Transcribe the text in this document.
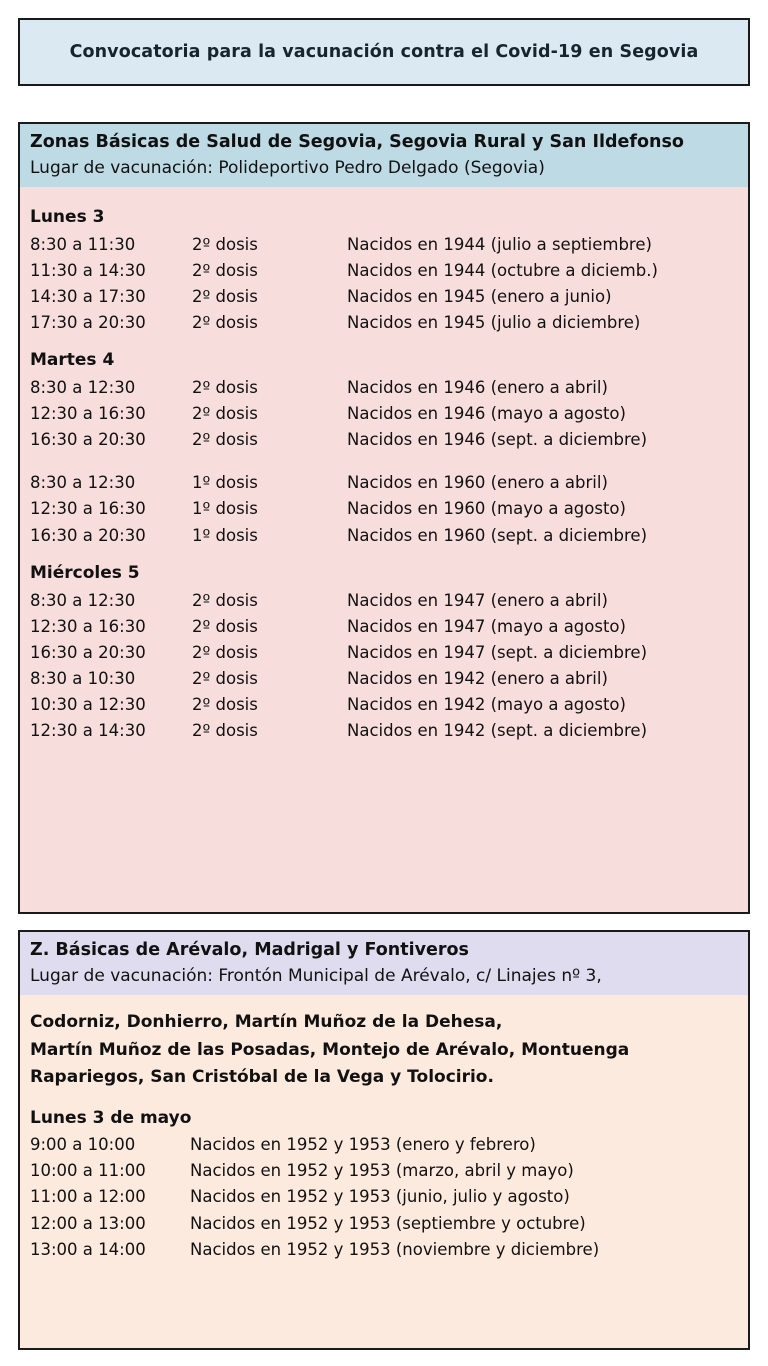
Convocatoria para la vacunación contra el Covid-19 en Segovia
Zonas Básicas de Salud de Segovia, Segovia Rural y San Ildefonso
Lugar de vacunación: Polideportivo Pedro Delgado (Segovia)
Lunes 3
8:30 a 11:30	2º dosis	Nacidos en 1944 (julio a septiembre)
11:30 a 14:30	2º dosis	Nacidos en 1944 (octubre a diciemb.)
14:30 a 17:30	2º dosis	Nacidos en 1945 (enero a junio)
17:30 a 20:30	2º dosis	Nacidos en 1945 (julio a diciembre)
Martes 4
8:30 a 12:30	2º dosis	Nacidos en 1946 (enero a abril)
12:30 a 16:30	2º dosis	Nacidos en 1946 (mayo a agosto)
16:30 a 20:30	2º dosis	Nacidos en 1946 (sept. a diciembre)
8:30 a 12:30	1º dosis	Nacidos en 1960 (enero a abril)
12:30 a 16:30	1º dosis	Nacidos en 1960 (mayo a agosto)
16:30 a 20:30	1º dosis	Nacidos en 1960 (sept. a diciembre)
Miércoles 5
8:30 a 12:30	2º dosis	Nacidos en 1947 (enero a abril)
12:30 a 16:30	2º dosis	Nacidos en 1947 (mayo a agosto)
16:30 a 20:30	2º dosis	Nacidos en 1947 (sept. a diciembre)
8:30 a 10:30	2º dosis	Nacidos en 1942 (enero a abril)
10:30 a 12:30	2º dosis	Nacidos en 1942 (mayo a agosto)
12:30 a 14:30	2º dosis	Nacidos en 1942 (sept. a diciembre)
Z. Básicas de Arévalo, Madrigal y Fontiveros
Lugar de vacunación: Frontón Municipal de Arévalo, c/ Linajes nº 3,
Codorniz, Donhierro, Martín Muñoz de la Dehesa,
Martín Muñoz de las Posadas, Montejo de Arévalo, Montuenga
Rapariegos, San Cristóbal de la Vega y Tolocirio.
Lunes 3 de mayo
9:00 a 10:00	Nacidos en 1952 y 1953 (enero y febrero)
10:00 a 11:00	Nacidos en 1952 y 1953 (marzo, abril y mayo)
11:00 a 12:00	Nacidos en 1952 y 1953 (junio, julio y agosto)
12:00 a 13:00	Nacidos en 1952 y 1953 (septiembre y octubre)
13:00 a 14:00	Nacidos en 1952 y 1953 (noviembre y diciembre)
